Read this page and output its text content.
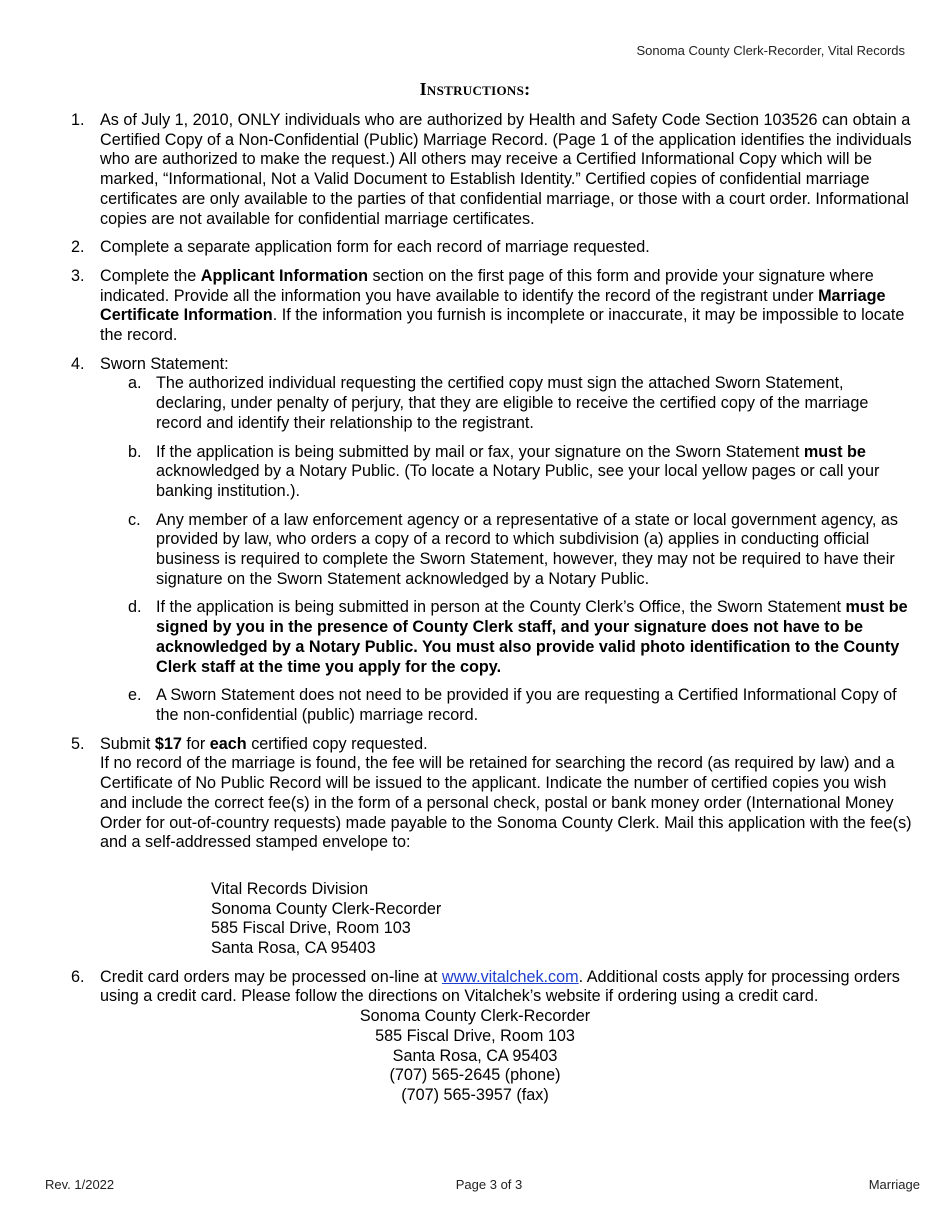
Sonoma County Clerk-Recorder, Vital Records
Instructions:
1. As of July 1, 2010, ONLY individuals who are authorized by Health and Safety Code Section 103526 can obtain a Certified Copy of a Non-Confidential (Public) Marriage Record. (Page 1 of the application identifies the individuals who are authorized to make the request.) All others may receive a Certified Informational Copy which will be marked, “Informational, Not a Valid Document to Establish Identity.” Certified copies of confidential marriage certificates are only available to the parties of that confidential marriage, or those with a court order. Informational copies are not available for confidential marriage certificates.
2. Complete a separate application form for each record of marriage requested.
3. Complete the Applicant Information section on the first page of this form and provide your signature where indicated. Provide all the information you have available to identify the record of the registrant under Marriage Certificate Information. If the information you furnish is incomplete or inaccurate, it may be impossible to locate the record.
4. Sworn Statement:
a. The authorized individual requesting the certified copy must sign the attached Sworn Statement, declaring, under penalty of perjury, that they are eligible to receive the certified copy of the marriage record and identify their relationship to the registrant.
b. If the application is being submitted by mail or fax, your signature on the Sworn Statement must be acknowledged by a Notary Public. (To locate a Notary Public, see your local yellow pages or call your banking institution.).
c. Any member of a law enforcement agency or a representative of a state or local government agency, as provided by law, who orders a copy of a record to which subdivision (a) applies in conducting official business is required to complete the Sworn Statement, however, they may not be required to have their signature on the Sworn Statement acknowledged by a Notary Public.
d. If the application is being submitted in person at the County Clerk’s Office, the Sworn Statement must be signed by you in the presence of County Clerk staff, and your signature does not have to be acknowledged by a Notary Public. You must also provide valid photo identification to the County Clerk staff at the time you apply for the copy.
e. A Sworn Statement does not need to be provided if you are requesting a Certified Informational Copy of the non-confidential (public) marriage record.
5. Submit $17 for each certified copy requested.
If no record of the marriage is found, the fee will be retained for searching the record (as required by law) and a Certificate of No Public Record will be issued to the applicant. Indicate the number of certified copies you wish and include the correct fee(s) in the form of a personal check, postal or bank money order (International Money Order for out-of-country requests) made payable to the Sonoma County Clerk. Mail this application with the fee(s) and a self-addressed stamped envelope to:
Vital Records Division
Sonoma County Clerk-Recorder
585 Fiscal Drive, Room 103
Santa Rosa, CA 95403
6. Credit card orders may be processed on-line at www.vitalchek.com. Additional costs apply for processing orders using a credit card. Please follow the directions on Vitalchek’s website if ordering using a credit card.
Sonoma County Clerk-Recorder
585 Fiscal Drive, Room 103
Santa Rosa, CA 95403
(707) 565-2645 (phone)
(707) 565-3957 (fax)
Rev. 1/2022	Page 3 of 3	Marriage
